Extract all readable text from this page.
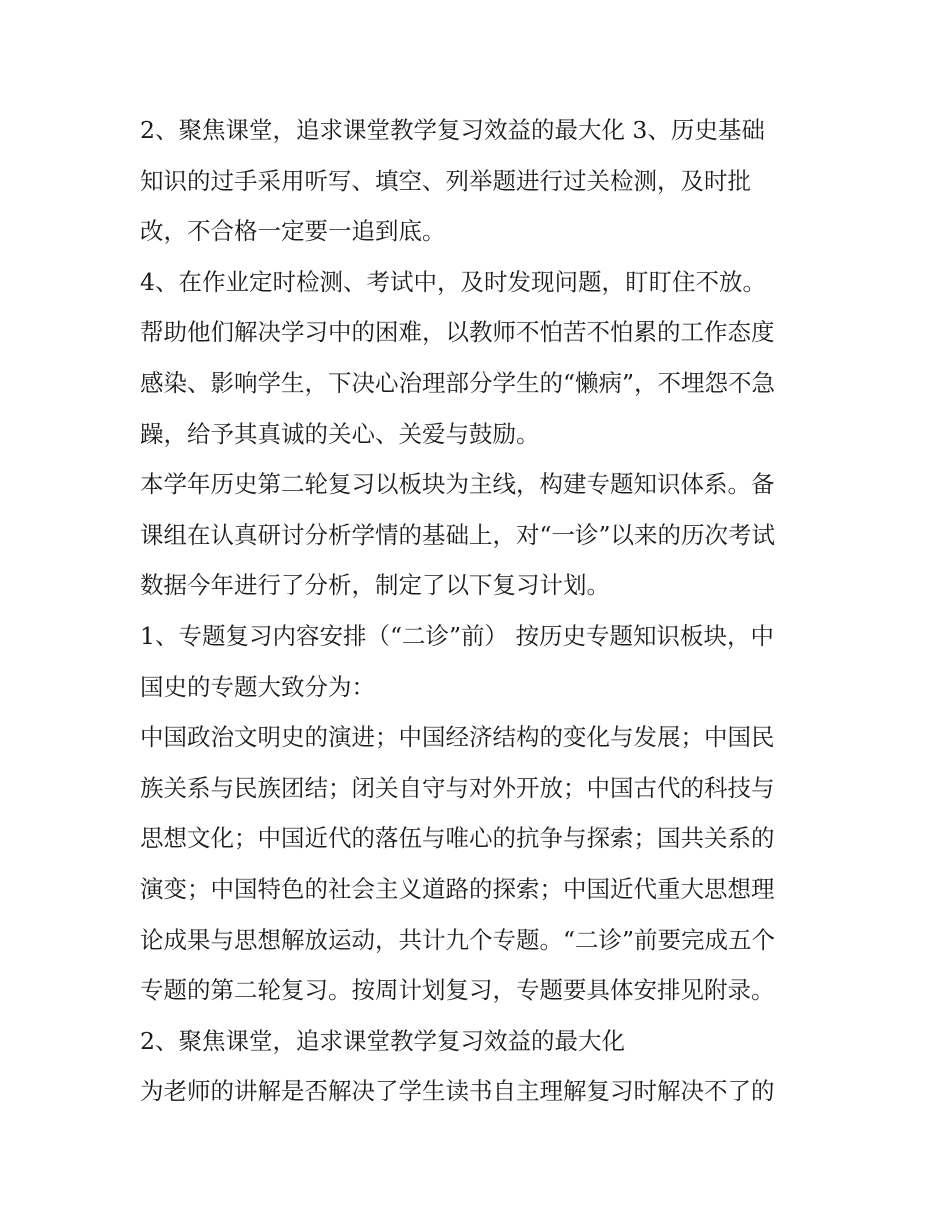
2、聚焦课堂，追求课堂教学复习效益的最大化 3、历史基础
知识的过手采用听写、填空、列举题进行过关检测，及时批
改，不合格一定要一追到底。
4、在作业定时检测、考试中，及时发现问题，盯盯住不放。
帮助他们解决学习中的困难，以教师不怕苦不怕累的工作态度
感染、影响学生，下决心治理部分学生的“懒病”，不埋怨不急
躁，给予其真诚的关心、关爱与鼓励。
本学年历史第二轮复习以板块为主线，构建专题知识体系。备
课组在认真研讨分析学情的基础上，对“一诊”以来的历次考试
数据今年进行了分析，制定了以下复习计划。
1、专题复习内容安排（“二诊”前） 按历史专题知识板块，中
国史的专题大致分为：
中国政治文明史的演进；中国经济结构的变化与发展；中国民
族关系与民族团结；闭关自守与对外开放；中国古代的科技与
思想文化；中国近代的落伍与唯心的抗争与探索；国共关系的
演变；中国特色的社会主义道路的探索；中国近代重大思想理
论成果与思想解放运动，共计九个专题。“二诊”前要完成五个
专题的第二轮复习。按周计划复习，专题要具体安排见附录。
2、聚焦课堂，追求课堂教学复习效益的最大化
为老师的讲解是否解决了学生读书自主理解复习时解决不了的
